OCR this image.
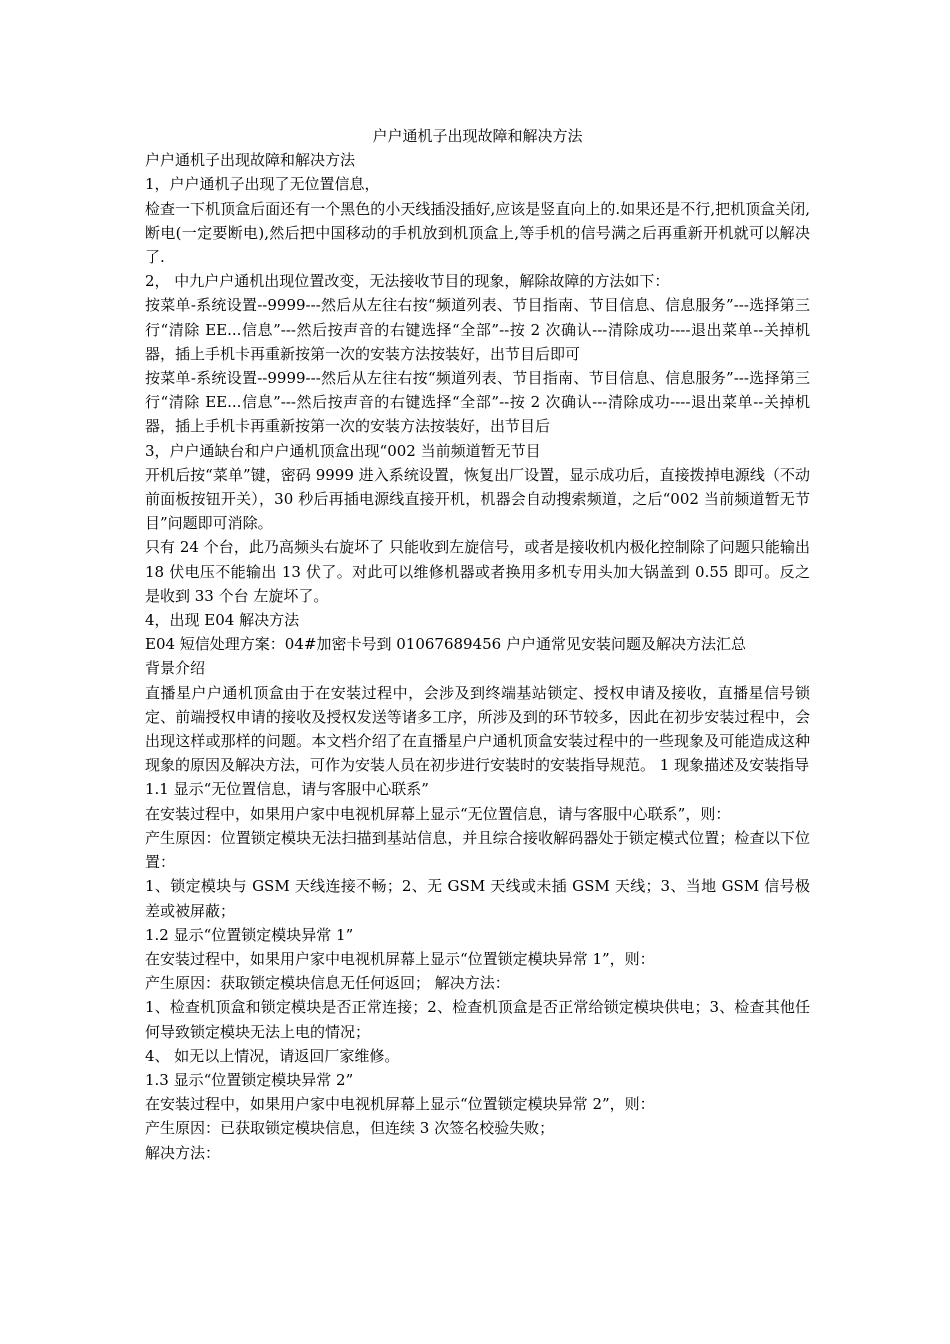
户户通机子出现故障和解决方法

户户通机子出现故障和解决方法

1，户户通机子出现了无位置信息，

检查一下机顶盒后面还有一个黑色的小天线插没插好,应该是竖直向上的.如果还是不行,把机顶盒关闭,断电(一定要断电),然后把中国移动的手机放到机顶盒上,等手机的信号满之后再重新开机就可以解决了.

2， 中九户户通机出现位置改变，无法接收节目的现象，解除故障的方法如下：

按菜单-系统设置--9999---然后从左往右按“频道列表、节目指南、节目信息、信息服务”---选择第三行“清除 EE...信息”---然后按声音的右键选择“全部”--按 2 次确认---清除成功----退出菜单--关掉机器，插上手机卡再重新按第一次的安装方法按装好，出节目后即可

按菜单-系统设置--9999---然后从左往右按“频道列表、节目指南、节目信息、信息服务”---选择第三行“清除 EE...信息”---然后按声音的右键选择“全部”--按 2 次确认---清除成功----退出菜单--关掉机器，插上手机卡再重新按第一次的安装方法按装好，出节目后

3，户户通缺台和户户通机顶盒出现“002 当前频道暂无节目

开机后按“菜单”键，密码 9999 进入系统设置，恢复出厂设置，显示成功后，直接拨掉电源线（不动前面板按钮开关），30 秒后再插电源线直接开机，机器会自动搜索频道，之后“002 当前频道暂无节目”问题即可消除。

只有 24 个台，此乃高频头右旋坏了 只能收到左旋信号，或者是接收机内极化控制除了问题只能输出 18 伏电压不能输出 13 伏了。对此可以维修机器或者换用多机专用头加大锅盖到 0.55 即可。反之是收到 33 个台 左旋坏了。

4，出现 E04 解决方法

E04 短信处理方案：04#加密卡号到 01067689456 户户通常见安装问题及解决方法汇总

背景介绍

直播星户户通机顶盒由于在安装过程中，会涉及到终端基站锁定、授权申请及接收，直播星信号锁定、前端授权申请的接收及授权发送等诸多工序，所涉及到的环节较多，因此在初步安装过程中，会出现这样或那样的问题。本文档介绍了在直播星户户通机顶盒安装过程中的一些现象及可能造成这种现象的原因及解决方法，可作为安装人员在初步进行安装时的安装指导规范。 1 现象描述及安装指导

1.1 显示“无位置信息，请与客服中心联系”

在安装过程中，如果用户家中电视机屏幕上显示“无位置信息，请与客服中心联系”，则：

产生原因：位置锁定模块无法扫描到基站信息，并且综合接收解码器处于锁定模式位置；检查以下位置：

1、锁定模块与 GSM 天线连接不畅；2、无 GSM 天线或未插 GSM 天线；3、当地 GSM 信号极差或被屏蔽；

1.2 显示“位置锁定模块异常 1”

在安装过程中，如果用户家中电视机屏幕上显示“位置锁定模块异常 1”，则：

产生原因：获取锁定模块信息无任何返回； 解决方法：

1、检查机顶盒和锁定模块是否正常连接；2、检查机顶盒是否正常给锁定模块供电；3、检查其他任何导致锁定模块无法上电的情况；

4、 如无以上情况，请返回厂家维修。

1.3 显示“位置锁定模块异常 2”

在安装过程中，如果用户家中电视机屏幕上显示“位置锁定模块异常 2”，则：

产生原因：已获取锁定模块信息，但连续 3 次签名校验失败；

解决方法：
